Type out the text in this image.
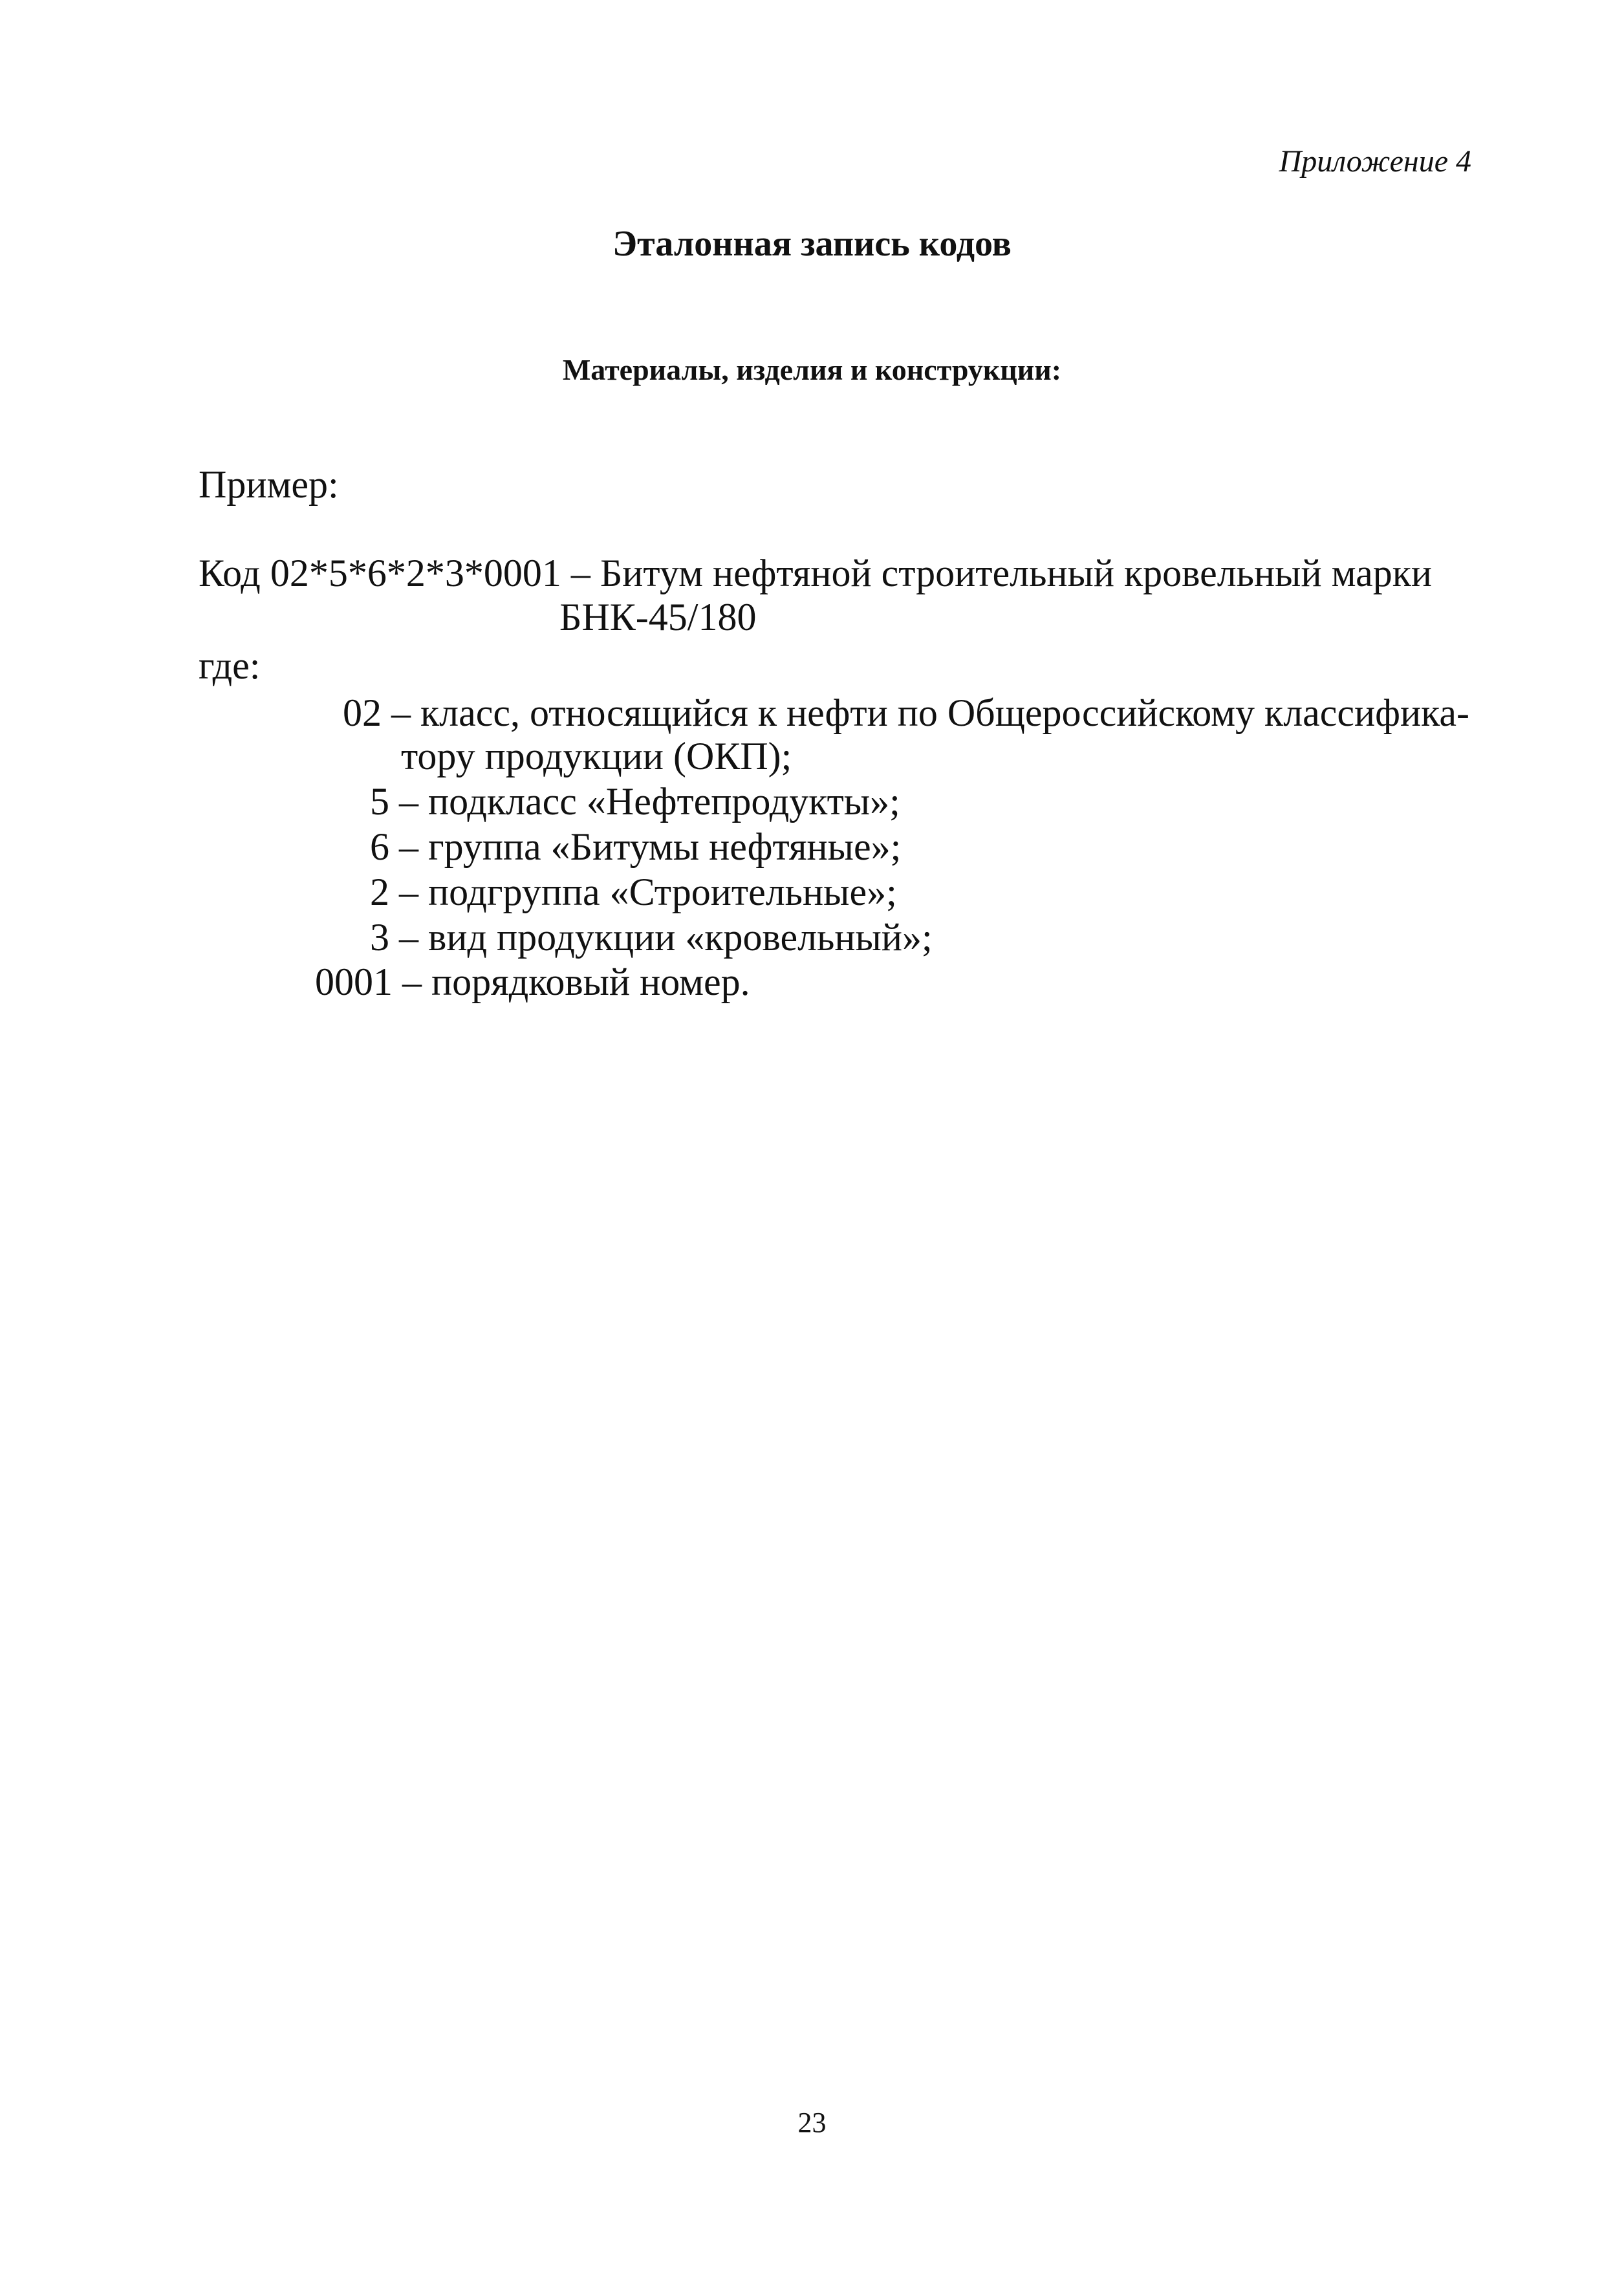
Приложение 4
Эталонная запись кодов
Материалы, изделия и конструкции:
Пример:
Код 02*5*6*2*3*0001 – Битум нефтяной строительный кровельный марки
БНК-45/180
где:
02 – класс, относящийся к нефти по Общероссийскому классифика-
тору продукции (ОКП);
5 – подкласс «Нефтепродукты»;
6 – группа «Битумы нефтяные»;
2 – подгруппа «Строительные»;
3 – вид продукции «кровельный»;
0001 – порядковый номер.
23
